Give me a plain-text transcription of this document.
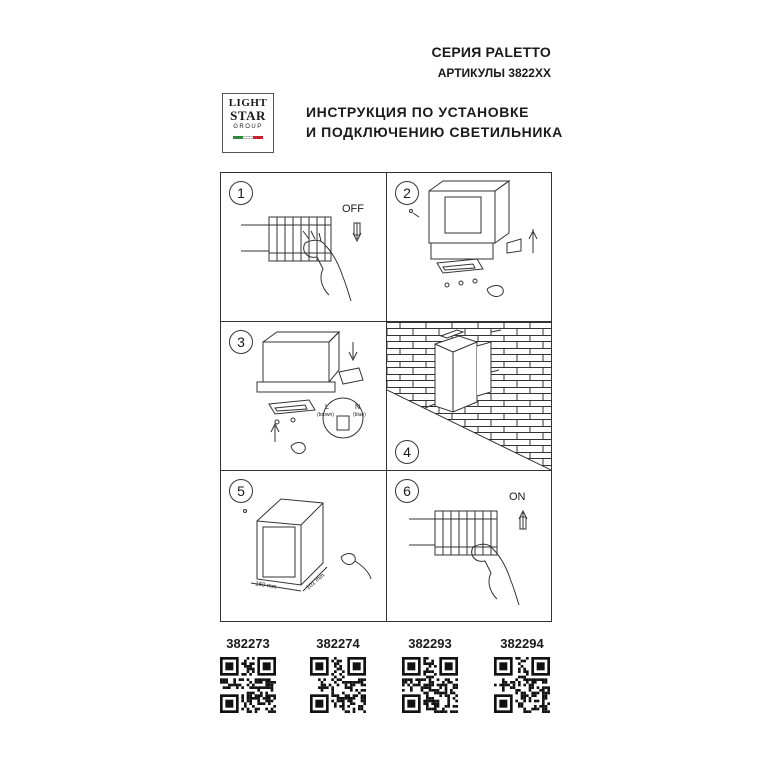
СЕРИЯ PALETTO
АРТИКУЛЫ 3822XX
LIGHT
STAR
GROUP
ИНСТРУКЦИЯ ПО УСТАНОВКЕ
И ПОДКЛЮЧЕНИЮ СВЕТИЛЬНИКА
1
OFF
2
3
L
(brown)
N
(blue)
4
5
160 mm	101 mm
6	ON
382273	382274	382293	382294
